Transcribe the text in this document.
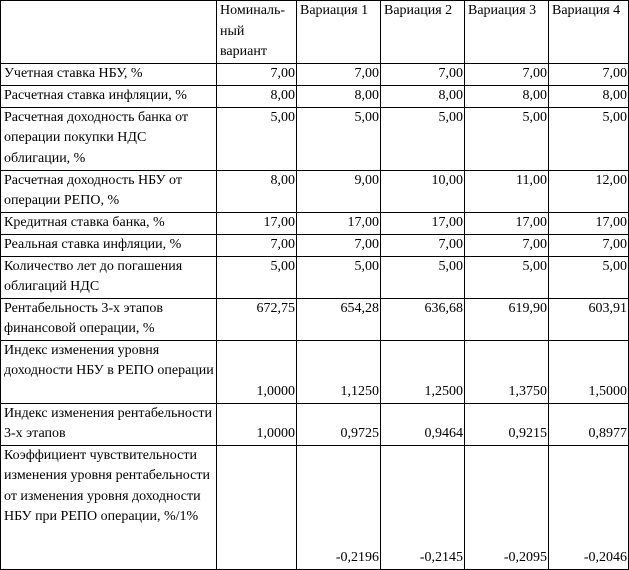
	Номиналь-ный вариант	Вариация 1	Вариация 2	Вариация 3	Вариация 4
Учетная ставка НБУ, %	7,00	7,00	7,00	7,00	7,00
Расчетная ставка инфляции, %	8,00	8,00	8,00	8,00	8,00
Расчетная доходность банка от операции покупки НДС облигации, %	5,00	5,00	5,00	5,00	5,00
Расчетная доходность НБУ от операции РЕПО, %	8,00	9,00	10,00	11,00	12,00
Кредитная ставка банка, %	17,00	17,00	17,00	17,00	17,00
Реальная ставка инфляции, %	7,00	7,00	7,00	7,00	7,00
Количество лет до погашения облигаций НДС	5,00	5,00	5,00	5,00	5,00
Рентабельность 3-х этапов финансовой операции, %	672,75	654,28	636,68	619,90	603,91
Индекс изменения уровня доходности НБУ в РЕПО операции	1,0000	1,1250	1,2500	1,3750	1,5000
Индекс изменения рентабельности 3-х этапов	1,0000	0,9725	0,9464	0,9215	0,8977
Коэффициент чувствительности изменения уровня рентабельности от изменения уровня доходности НБУ при РЕПО операции, %/1%		-0,2196	-0,2145	-0,2095	-0,2046
